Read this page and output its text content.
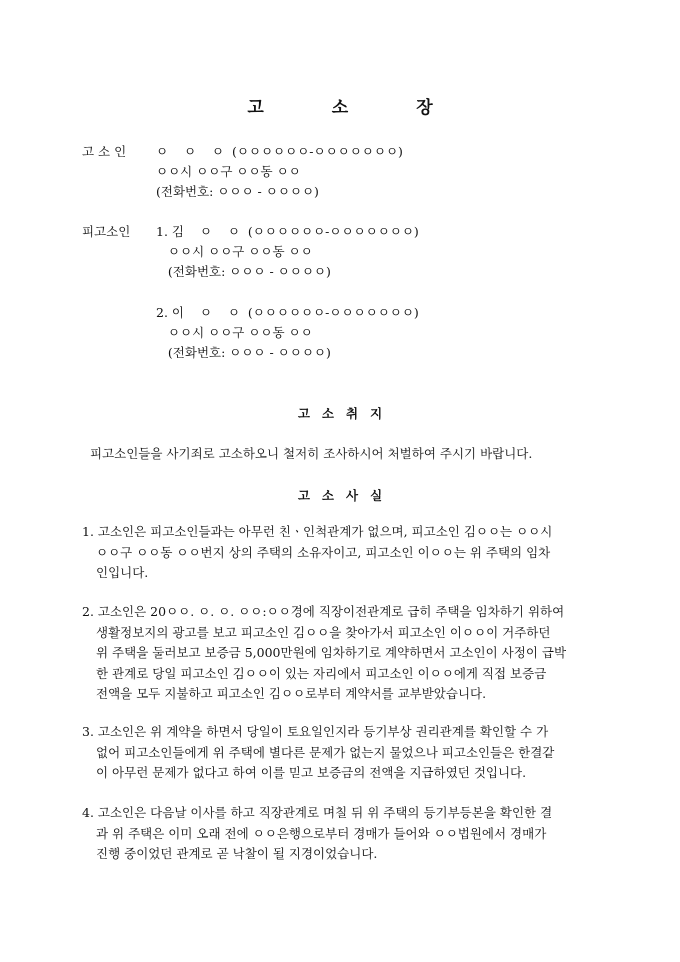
고	소	장

고 소 인

ㅇ    ㅇ    ㅇ  (ㅇㅇㅇㅇㅇㅇ-ㅇㅇㅇㅇㅇㅇㅇ)

ㅇㅇ시 ㅇㅇ구 ㅇㅇ동 ㅇㅇ

(전화번호: ㅇㅇㅇ - ㅇㅇㅇㅇ)

피고소인

1. 김    ㅇ    ㅇ  (ㅇㅇㅇㅇㅇㅇ-ㅇㅇㅇㅇㅇㅇㅇ)

ㅇㅇ시 ㅇㅇ구 ㅇㅇ동 ㅇㅇ

(전화번호: ㅇㅇㅇ - ㅇㅇㅇㅇ)

2. 이    ㅇ    ㅇ  (ㅇㅇㅇㅇㅇㅇ-ㅇㅇㅇㅇㅇㅇㅇ)

ㅇㅇ시 ㅇㅇ구 ㅇㅇ동 ㅇㅇ

(전화번호: ㅇㅇㅇ - ㅇㅇㅇㅇ)

고 소 취 지
피고소인들을 사기죄로 고소하오니 철저히 조사하시어 처벌하여 주시기 바랍니다.
고 소 사 실
1. 고소인은 피고소인들과는 아무런 친ㆍ인척관계가 없으며, 피고소인 김ㅇㅇ는 ㅇㅇ시
ㅇㅇ구 ㅇㅇ동 ㅇㅇ번지 상의 주택의 소유자이고, 피고소인 이ㅇㅇ는 위 주택의 임차
인입니다.
2. 고소인은 20ㅇㅇ. ㅇ. ㅇ. ㅇㅇ:ㅇㅇ경에 직장이전관계로 급히 주택을 임차하기 위하여
생활정보지의 광고를 보고 피고소인 김ㅇㅇ을 찾아가서 피고소인 이ㅇㅇ이 거주하던
위 주택을 둘러보고 보증금 5,000만원에 임차하기로 계약하면서 고소인이 사정이 급박
한 관계로 당일 피고소인 김ㅇㅇ이 있는 자리에서 피고소인 이ㅇㅇ에게 직접 보증금
전액을 모두 지불하고 피고소인 김ㅇㅇ로부터 계약서를 교부받았습니다.
3. 고소인은 위 계약을 하면서 당일이 토요일인지라 등기부상 권리관계를 확인할 수 가
없어 피고소인들에게 위 주택에 별다른 문제가 없는지 물었으나 피고소인들은 한결같
이 아무런 문제가 없다고 하여 이를 믿고 보증금의 전액을 지급하였던 것입니다.
4. 고소인은 다음날 이사를 하고 직장관계로 며칠 뒤 위 주택의 등기부등본을 확인한 결
과 위 주택은 이미 오래 전에 ㅇㅇ은행으로부터 경매가 들어와 ㅇㅇ법원에서 경매가
진행 중이었던 관계로 곧 낙찰이 될 지경이었습니다.
